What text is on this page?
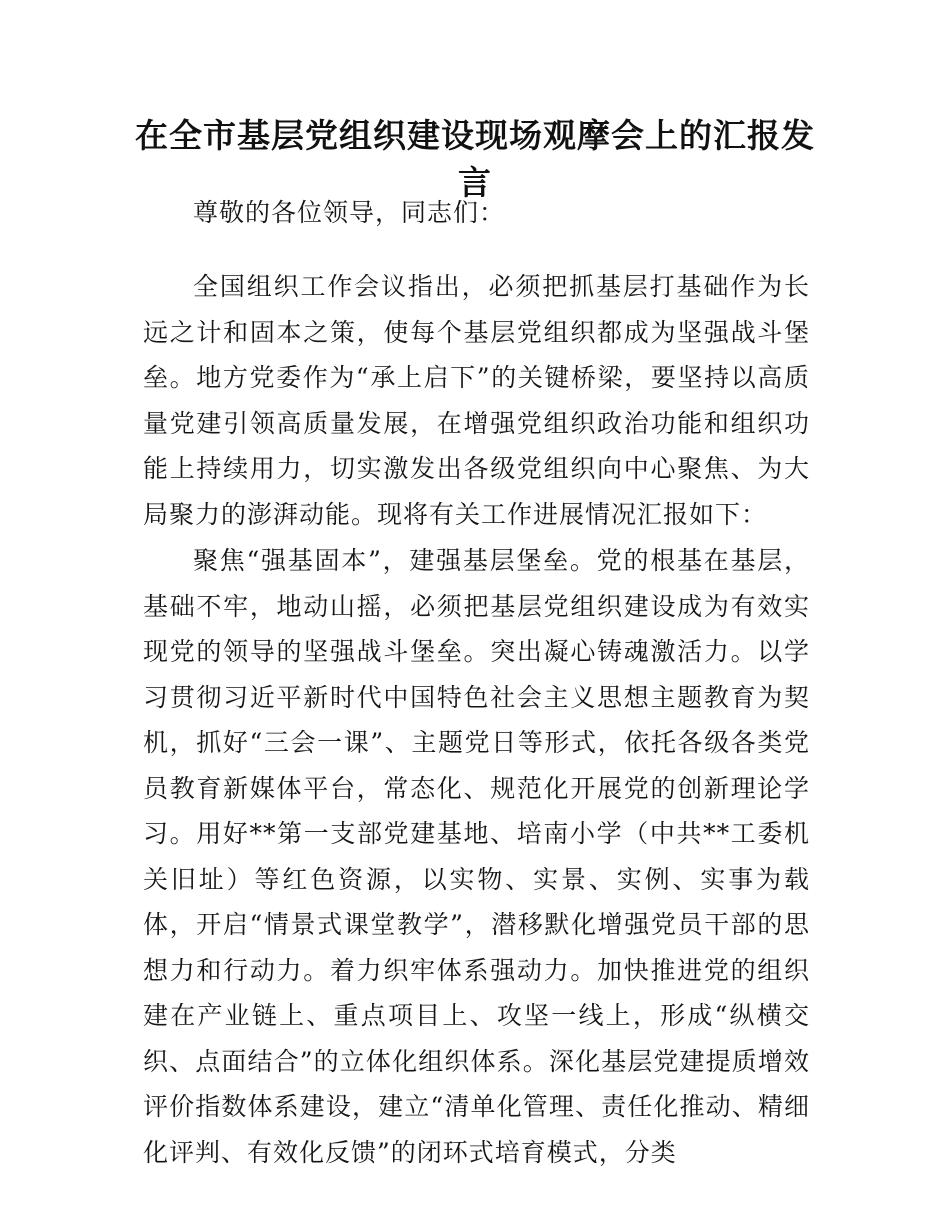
在全市基层党组织建设现场观摩会上的汇报发言

尊敬的各位领导，同志们：

全国组织工作会议指出，必须把抓基层打基础作为长远之计和固本之策，使每个基层党组织都成为坚强战斗堡垒。地方党委作为“承上启下”的关键桥梁，要坚持以高质量党建引领高质量发展，在增强党组织政治功能和组织功能上持续用力，切实激发出各级党组织向中心聚焦、为大局聚力的澎湃动能。现将有关工作进展情况汇报如下：

聚焦“强基固本”，建强基层堡垒。党的根基在基层，基础不牢，地动山摇，必须把基层党组织建设成为有效实现党的领导的坚强战斗堡垒。突出凝心铸魂激活力。以学习贯彻习近平新时代中国特色社会主义思想主题教育为契机，抓好“三会一课”、主题党日等形式，依托各级各类党员教育新媒体平台，常态化、规范化开展党的创新理论学习。用好**第一支部党建基地、培南小学（中共**工委机关旧址）等红色资源，以实物、实景、实例、实事为载体，开启“情景式课堂教学”，潜移默化增强党员干部的思想力和行动力。着力织牢体系强动力。加快推进党的组织建在产业链上、重点项目上、攻坚一线上，形成“纵横交织、点面结合”的立体化组织体系。深化基层党建提质增效评价指数体系建设，建立“清单化管理、责任化推动、精细化评判、有效化反馈”的闭环式培育模式，分类
